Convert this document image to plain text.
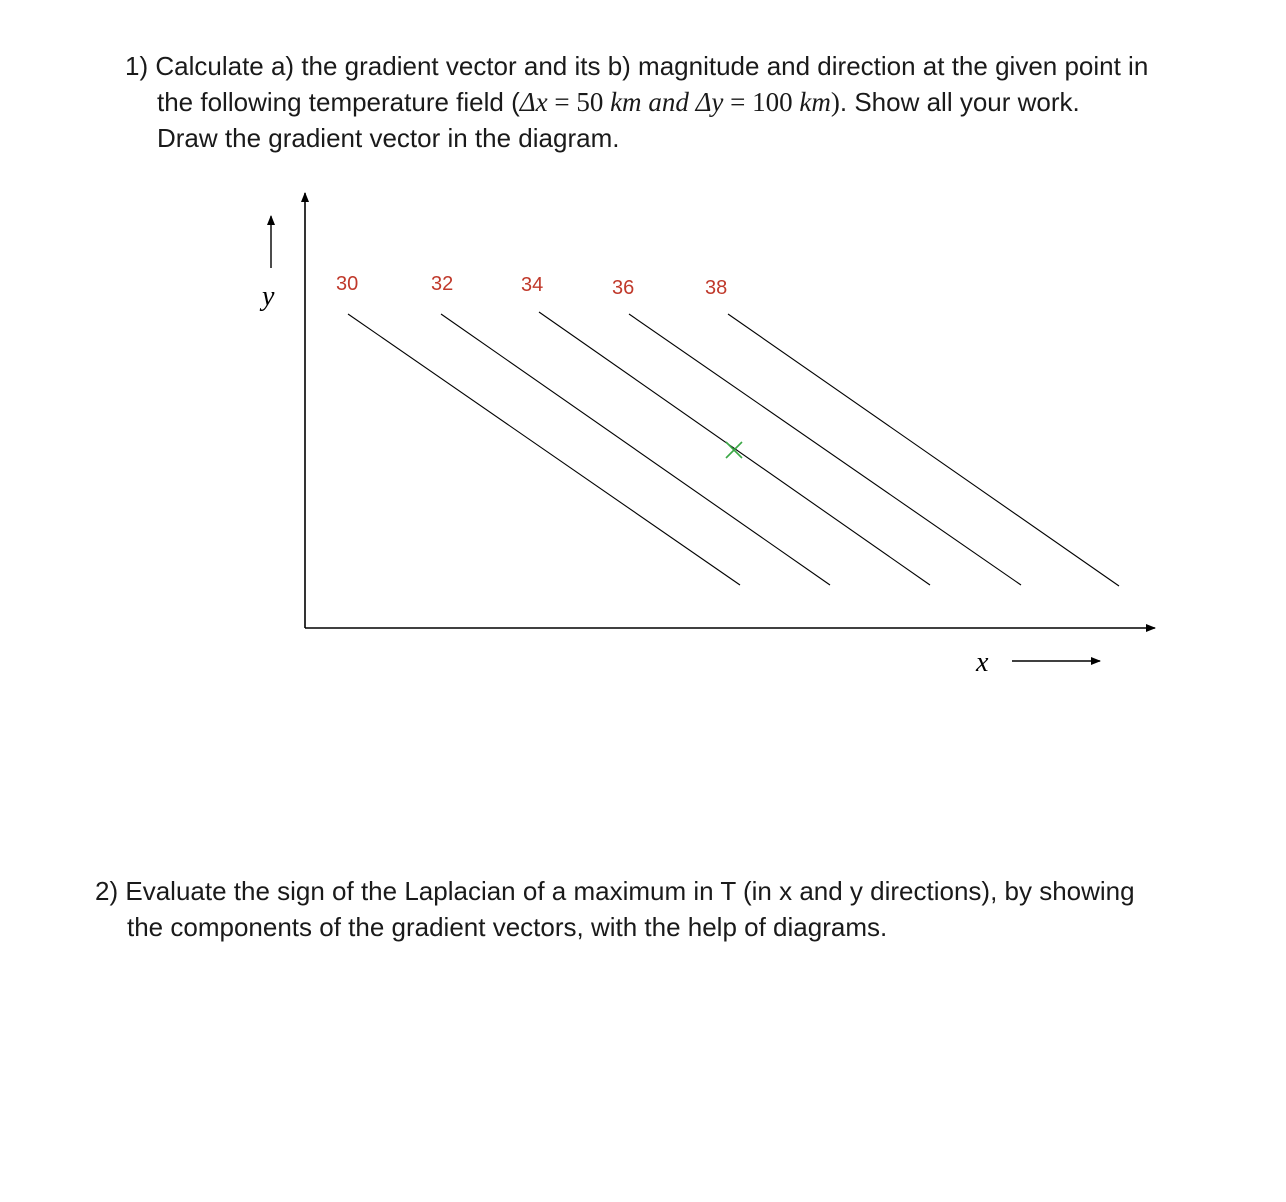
1) Calculate a) the gradient vector and its b) magnitude and direction at the given point in
the following temperature field (Δx = 50 km and Δy = 100 km). Show all your work.
Draw the gradient vector in the diagram.
y
x
30	32	34	36	38
2) Evaluate the sign of the Laplacian of a maximum in T (in x and y directions), by showing
the components of the gradient vectors, with the help of diagrams.
